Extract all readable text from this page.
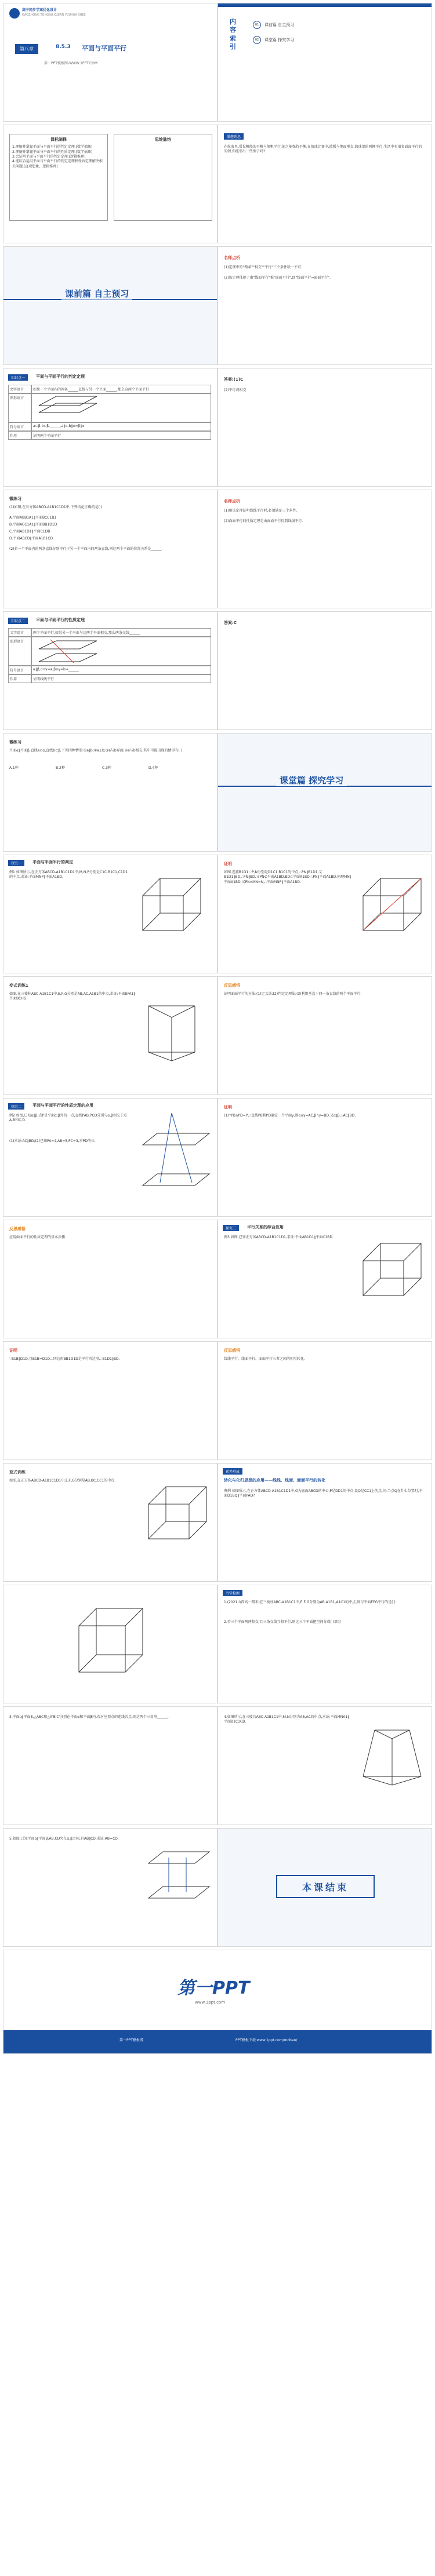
高中同步学案优化设计
GAOZHONG TONGBU XUEAN YOUHUA SHEJI
第八章	8.5.3 平面与平面平行
第一PPT模板网-WWW.1PPT.COM
内容索引
01	课前篇 自主预习
02	课堂篇 探究学习
课标阐释
1.理解并掌握平面与平面平行的判定定理.(数学抽象)
2.理解并掌握平面与平面平行的性质定理.(数学抽象)
3.会证明平面与平面平行的判定定理.(逻辑推理)
4.能综合运用平面与平面平行的判定定理和性质定理解决相关问题.(直观想象、逻辑推理)
思维脉络
激趣诱思
在航海里,常见帆船的平帆与船帆平行,使之能保持平衡.在篮球比赛中,篮板与地面垂直,篮球架的两侧平行.生活中有很多面面平行的实例,你能举出一些例子吗?
课前篇 自主预习
名师点析
(1)定理中的"两条""相交""平行"三个条件缺一不可.
(2)该定理体现了由"线面平行"推"面面平行",即"线面平行⇒面面平行".
知识点一	平面与平面平行的判定定理
文字语言	如果一个平面内的两条______直线与另一个平面______,那么这两个平面平行
图形语言
符号语言	a⊂β,b⊂β,______,a∥α,b∥α⇒β∥α
作用	证明两个平面平行
答案:(1)C
(2)平行或相交
微练习
(1)如图,在长方体ABCD-A1B1C1D1中,下列结论正确的是( )
A.平面ABB1A1∥平面BCC1B1
B.平面ACC1A1∥平面BB1D1D
C.平面AB1D1∥平面C1DB
D.平面ABCD∥平面A1B1CD
(2)若一个平面内的两条直线分别平行于另一个平面内的两条直线,则这两个平面的位置关系是______.
名师点析
(1)用该定理证明线线平行时,必须满足三个条件.
(2)面面平行的性质定理是由面面平行得到线线平行.
知识点二	平面与平面平行的性质定理
文字语言	两个平面平行,如果另一个平面与这两个平面相交,那么两条交线______
图形语言
符号语言	α∥β,α∩γ=a,β∩γ=b⇒______
作用	证明线线平行
答案:C
微练习
平面α∥平面β,直线a⊂α,直线b⊂β,下列四种情形:①a∥b;②a⊥b;③a与b异面;④a与b相交,其中可能出现的情形有( )
A.1种	B.2种	C.3种	D.4种
课堂篇 探究学习
探究一	平面与平面平行的判定
例1 如图所示,在正方体ABCD-A1B1C1D1中,M,N,P分别是C1C,B1C1,C1D1的中点,求证:平面MNP∥平面A1BD.
证明
如图,连接B1D1.∵P,N分别是D1C1,B1C1的中点,∴PN∥B1D1.又B1D1∥BD,∴PN∥BD.又PN⊄平面A1BD,BD⊂平面A1BD,∴PN∥平面A1BD.同理MN∥平面A1BD.又PN∩MN=N,∴平面MNP∥平面A1BD.
变式训练1
如图,在三棱柱ABC-A1B1C1中,E,F,G分别是AB,AC,A1B1的中点,求证:平面EFA1∥平面BCHG.
反思感悟
证明面面平行的方法:(1)定义法;(2)判定定理法;(3)利用垂直于同一条直线的两个平面平行.
探究二	平面与平面平行的性质定理的应用
例2 如图,已知α∥β,点P是平面α,β外的一点,直线PAB,PCD分别与α,β相交于点A,B和C,D.
(1)求证:AC∥BD;(2)已知PA=4,AB=5,PC=3,求PD的长.
证明
(1)∵PB∩PD=P,∴直线PB和PD确定一个平面γ,则α∩γ=AC,β∩γ=BD.又α∥β,∴AC∥BD.
反思感悟
应用面面平行的性质定理的基本步骤.
探究三	平行关系的综合应用
例3 如图,已知正方体ABCD-A1B1C1D1,求证:平面AB1D1∥平面C1BD.
证明
∵B1B∥D1D,且B1B=D1D,∴四边形BB1D1D是平行四边形,∴B1D1∥BD.
反思感悟
线线平行、线面平行、面面平行三者之间的相互转化.
变式训练
如图,在正方体ABCD-A1B1C1D1中,E,F,G分别是AB,BC,CC1的中点.
素养形成
转化与化归思想的应用——线线、线面、面面平行的转化
典例 如图所示,在正方体ABCD-A1B1C1D1中,O为底面ABCD的中心,P是DD1的中点,设Q是CC1上的点,问:当点Q在什么位置时,平面D1BQ∥平面PAO?
当堂检测
1.(2021山西高一期末)在三棱柱ABC-A1B1C1中,E,F,G分别为AB,A1B1,A1C1的中点,则与平面EFG平行的是( )
2.若三个平面两两相交,且三条交线互相平行,则这三个平面把空间分成( )部分
3.平面α∥平面β,△ABC和△A'B'C'分别在平面α和平面β内,若对应顶点的连线共点,则这两个三角形______.	4.如图所示,在三棱台ABC-A1B1C1中,M,N分别为AB,AC的中点,求证:平面MNA1∥平面B1C1CB.
5.如图,已知平面α∥平面β,AB,CD夹在α,β之间,且AB∥CD,求证:AB=CD.
本课结束
第一PPT
www.1ppt.com
第一PPT模板网	PPT模板下载:www.1ppt.com/moban/
